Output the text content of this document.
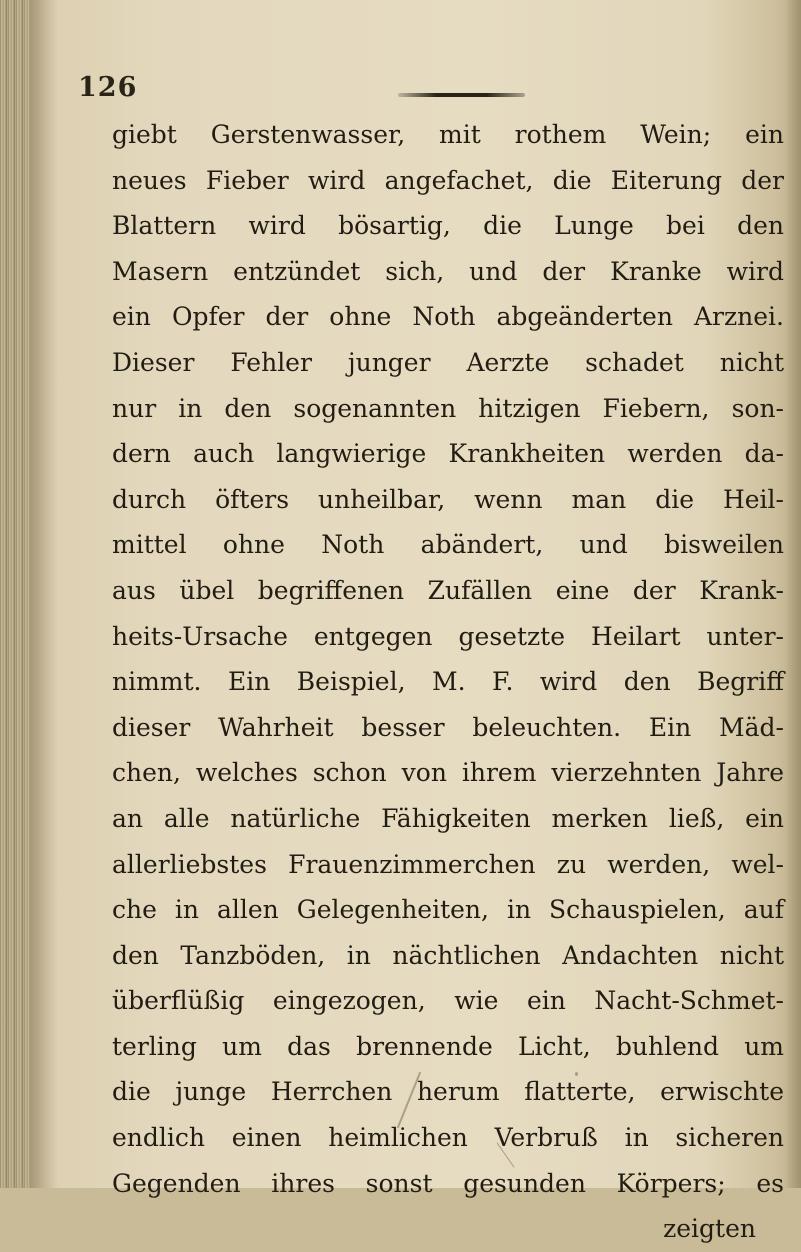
126
giebt Gerstenwasser, mit rothem Wein; ein
neues Fieber wird angefachet, die Eiterung der
Blattern wird bösartig, die Lunge bei den
Masern entzündet sich, und der Kranke wird
ein Opfer der ohne Noth abgeänderten Arznei.
Dieser Fehler junger Aerzte schadet nicht
nur in den sogenannten hitzigen Fiebern, son-
dern auch langwierige Krankheiten werden da-
durch öfters unheilbar, wenn man die Heil-
mittel ohne Noth abändert, und bisweilen
aus übel begriffenen Zufällen eine der Krank-
heits-Ursache entgegen gesetzte Heilart unter-
nimmt. Ein Beispiel, M. F. wird den Begriff
dieser Wahrheit besser beleuchten. Ein Mäd-
chen, welches schon von ihrem vierzehnten Jahre
an alle natürliche Fähigkeiten merken ließ, ein
allerliebstes Frauenzimmerchen zu werden, wel-
che in allen Gelegenheiten, in Schauspielen, auf
den Tanzböden, in nächtlichen Andachten nicht
überflüßig eingezogen, wie ein Nacht-Schmet-
terling um das brennende Licht, buhlend um
die junge Herrchen herum flatterte, erwischte
endlich einen heimlichen Verbruß in sicheren
Gegenden ihres sonst gesunden Körpers; es
zeigten
